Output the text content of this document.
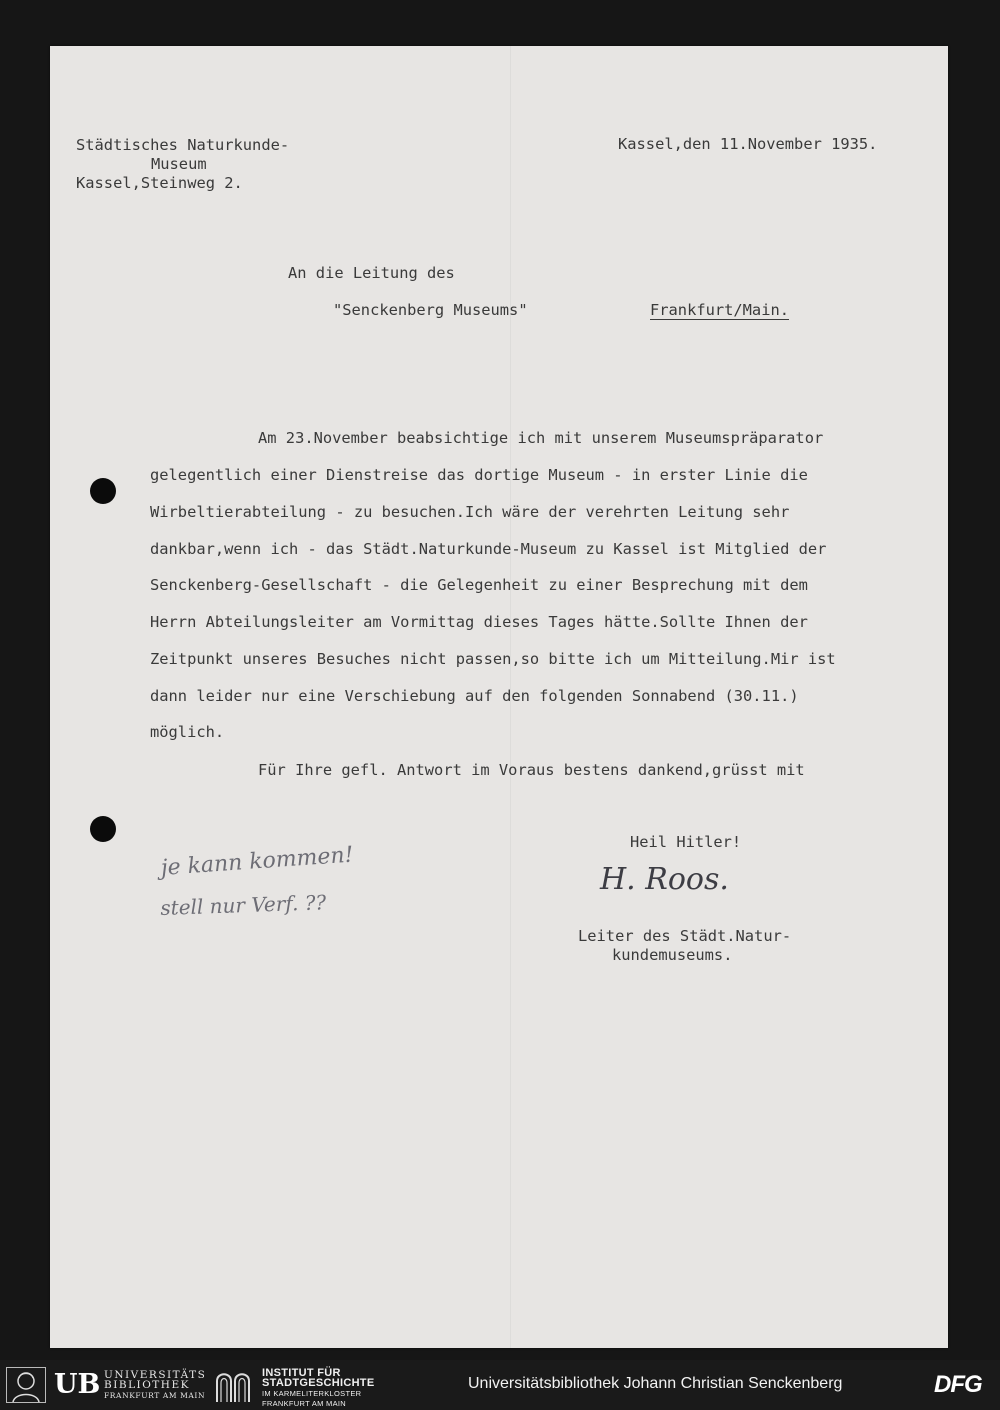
Städtisches Naturkunde-
Museum
Kassel,Steinweg 2.
Kassel,den 11.November 1935.
An die Leitung des
"Senckenberg Museums"	Frankfurt/Main.
Am 23.November beabsichtige ich mit unserem Museumspräparator
gelegentlich einer Dienstreise das dortige Museum - in erster Linie die
Wirbeltierabteilung - zu besuchen.Ich wäre der verehrten Leitung sehr
dankbar,wenn ich - das Städt.Naturkunde-Museum zu Kassel ist Mitglied der
Senckenberg-Gesellschaft - die Gelegenheit zu einer Besprechung mit dem
Herrn Abteilungsleiter am Vormittag dieses Tages hätte.Sollte Ihnen der
Zeitpunkt unseres Besuches nicht passen,so bitte ich um Mitteilung.Mir ist
dann leider nur eine Verschiebung auf den folgenden Sonnabend (30.11.)
möglich.
Für Ihre gefl. Antwort im Voraus bestens dankend,grüsst mit
Heil Hitler!
H. Roos.
Leiter des Städt.Natur-
kundemuseums.
je kann kommen!
stell nur Verf. ??
UB UNIVERSITÄTS
BIBLIOTHEK
FRANKFURT AM MAIN
INSTITUT FÜR
STADTGESCHICHTE
IM KARMELITERKLOSTER
FRANKFURT AM MAIN
Universitätsbibliothek Johann Christian Senckenberg	DFG
